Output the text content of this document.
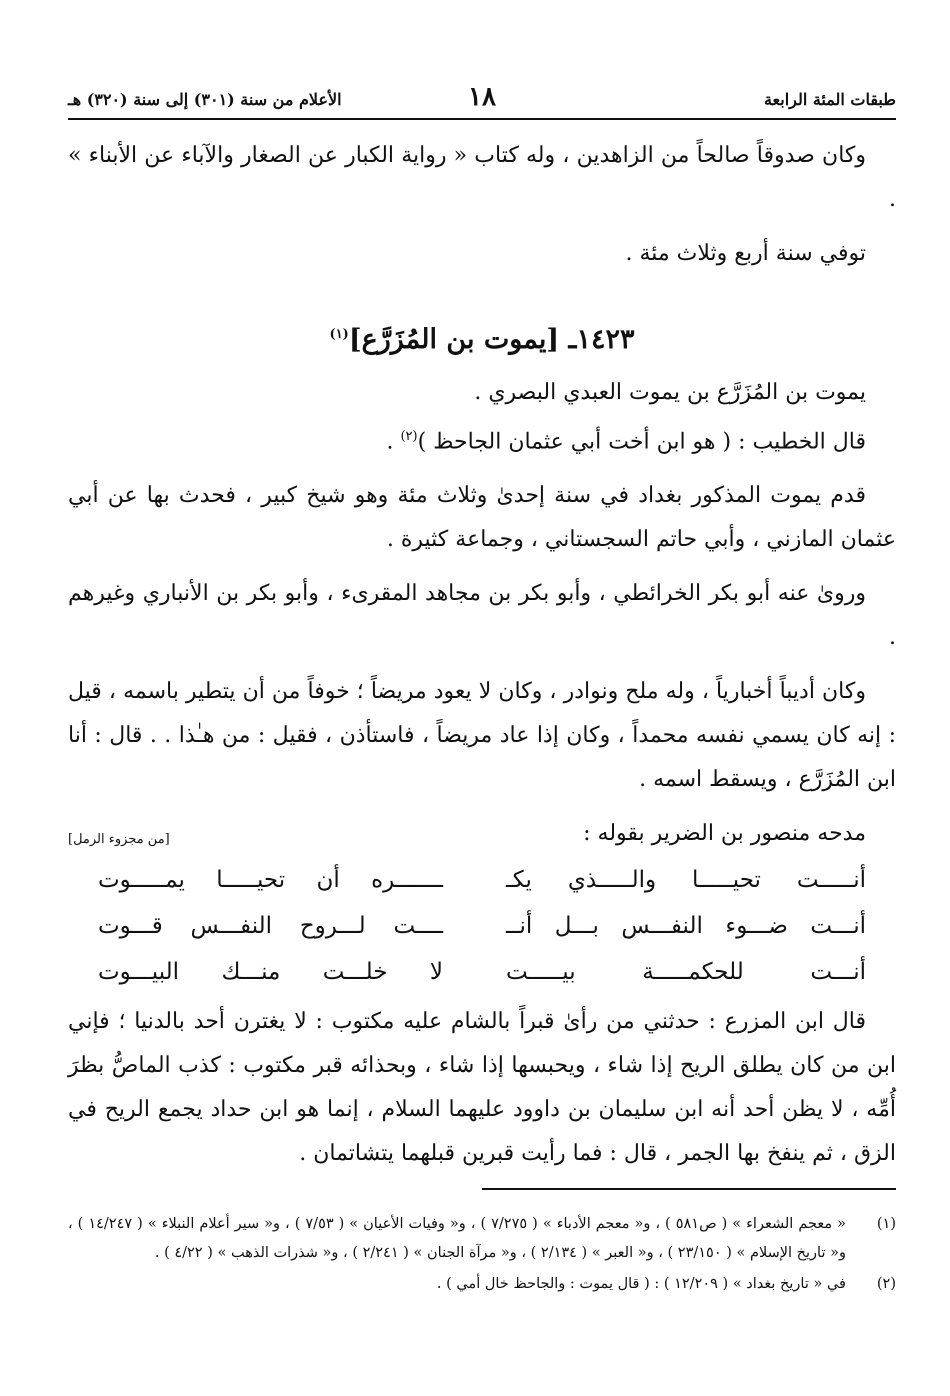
طبقات المئة الرابعة
١٨
الأعلام من سنة (٣٠١) إلى سنة (٣٢٠) هـ

وكان صدوقاً صالحاً من الزاهدين ، وله كتاب « رواية الكبار عن الصغار والآباء عن الأبناء » .

توفي سنة أربع وثلاث مئة .

١٤٢٣ـ [يموت بن المُزَرَّع]$^{(١)}$

يموت بن المُزَرَّع بن يموت العبدي البصري .

قال الخطيب : ( هو ابن أخت أبي عثمان الجاحظ )$^{(٢)}$ .

قدم يموت المذكور بغداد في سنة إحدىٰ وثلاث مئة وهو شيخ كبير ، فحدث بها عن أبي عثمان المازني ، وأبي حاتم السجستاني ، وجماعة كثيرة .

وروىٰ عنه أبو بكر الخرائطي ، وأبو بكر بن مجاهد المقرىء ، وأبو بكر بن الأنباري وغيرهم .

وكان أديباً أخبارياً ، وله ملح ونوادر ، وكان لا يعود مريضاً ؛ خوفاً من أن يتطير باسمه ، قيل : إنه كان يسمي نفسه محمداً ، وكان إذا عاد مريضاً ، فاستأذن ، فقيل : من هـٰذا . . قال : أنا ابن المُزَرَّع ، ويسقط اسمه .

مدحه منصور بن الضرير بقوله :
[من مجزوء الرمل]
أنـــــت تحيـــــا والـــــذي يكـ
ـــــــره أن تحيـــــا يمـــــوت
أنـــت ضـــوء النفـــس بـــل أنــ
ــــت لـــروح النفـــس قـــوت
أنـــت للحكمـــــة بيـــــت
لا خلـــت منـــك البيـــوت

قال ابن المزرع : حدثني من رأىٰ قبراً بالشام عليه مكتوب : لا يغترن أحد بالدنيا ؛ فإني ابن من كان يطلق الريح إذا شاء ، ويحبسها إذا شاء ، وبحذائه قبر مكتوب : كذب الماصُّ بظرَ أُمِّه ، لا يظن أحد أنه ابن سليمان بن داوود عليهما السلام ، إنما هو ابن حداد يجمع الريح في الزق ، ثم ينفخ بها الجمر ، قال : فما رأيت قبرين قبلهما يتشاتمان .

(١)
« معجم الشعراء » ( ص٥٨١ ) ، و« معجم الأدباء » ( ٧/٢٧٥ ) ، و« وفيات الأعيان » ( ٧/٥٣ ) ، و« سير أعلام النبلاء » ( ١٤/٢٤٧ ) ، و« تاريخ الإسلام » ( ٢٣/١٥٠ ) ، و« العبر » ( ٢/١٣٤ ) ، و« مرآة الجنان » ( ٢/٢٤١ ) ، و« شذرات الذهب » ( ٤/٢٢ ) .
(٢)
في « تاريخ بغداد » ( ١٢/٢٠٩ ) : ( قال يموت : والجاحظ خال أمي ) .
